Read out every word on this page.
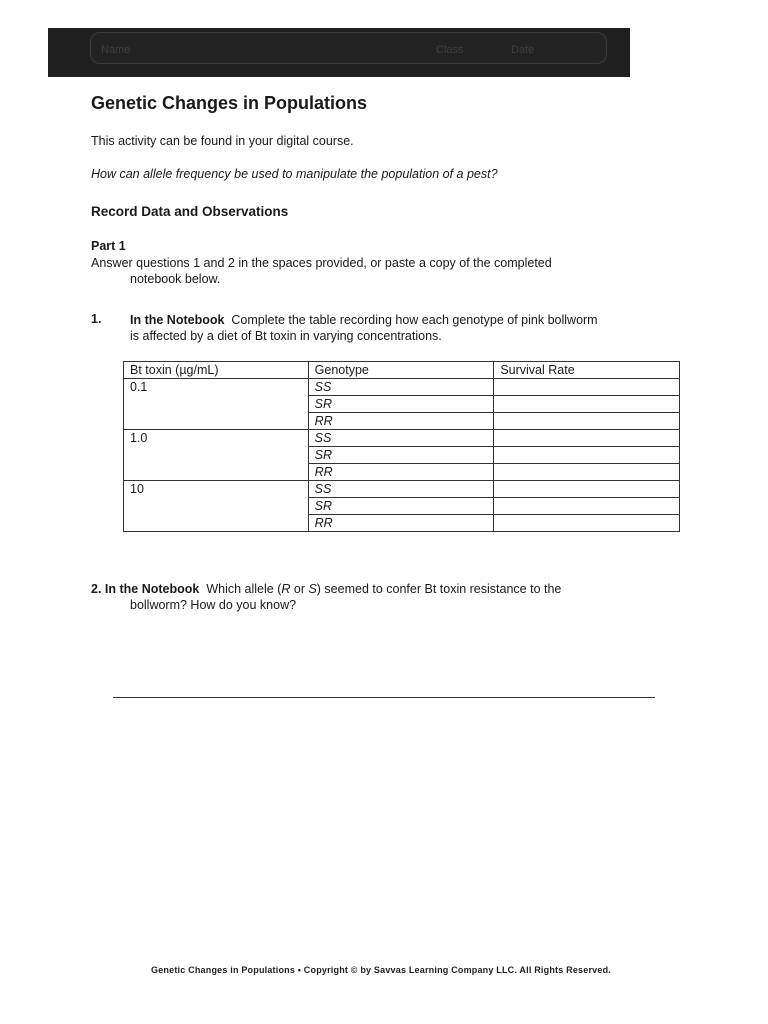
Name	Class	Date
Genetic Changes in Populations

This activity can be found in your digital course.

How can allele frequency be used to manipulate the population of a pest?

Record Data and Observations

Part 1

Answer questions 1 and 2 in the spaces provided, or paste a copy of the completed
notebook below.

1. In the Notebook Complete the table recording how each genotype of pink bollworm
is affected by a diet of Bt toxin in varying concentrations.
Bt toxin (µg/mL)	Genotype	Survival Rate
0.1	SS	
	SR	
	RR	
1.0	SS	
	SR	
	RR	
10	SS	
	SR	
	RR	
2. In the Notebook Which allele (R or S) seemed to confer Bt toxin resistance to the
bollworm? How do you know?
Genetic Changes in Populations • Copyright © by Savvas Learning Company LLC. All Rights Reserved.
